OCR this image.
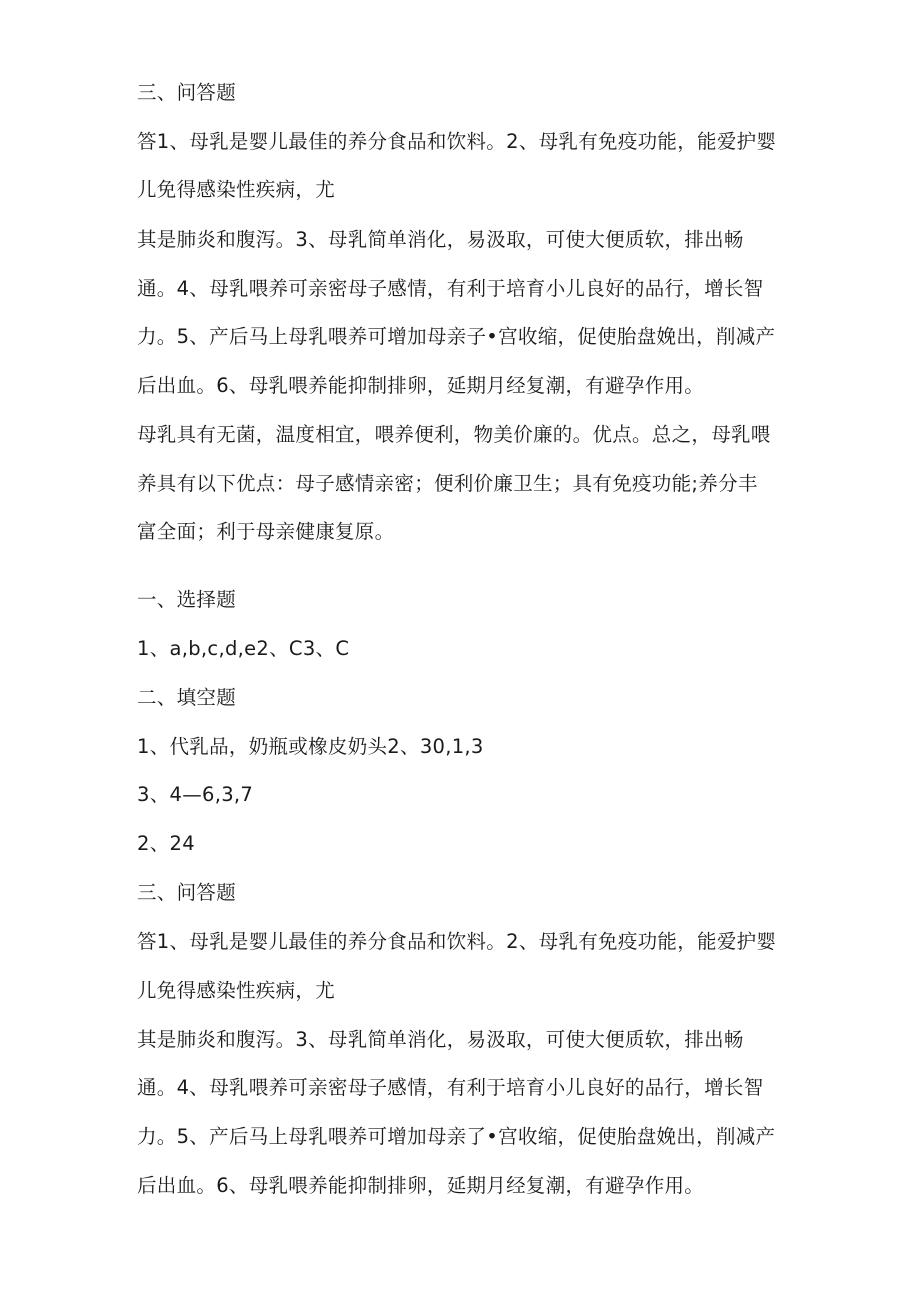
三、问答题
答1、母乳是婴儿最佳的养分食品和饮料。2、母乳有免疫功能，能爱护婴
儿免得感染性疾病，尤
其是肺炎和腹泻。3、母乳简单消化，易汲取，可使大便质软，排出畅
通。4、母乳喂养可亲密母子感情，有利于培育小儿良好的品行，增长智
力。5、产后马上母乳喂养可增加母亲子•宫收缩，促使胎盘娩出，削减产
后出血。6、母乳喂养能抑制排卵，延期月经复潮，有避孕作用。
母乳具有无菌，温度相宜，喂养便利，物美价廉的。优点。总之，母乳喂
养具有以下优点：母子感情亲密；便利价廉卫生；具有免疫功能;养分丰
富全面；利于母亲健康复原。
一、选择题
1、a,b,c,d,e2、C3、C
二、填空题
1、代乳品，奶瓶或橡皮奶头2、30,1,3
3、4—6,3,7
2、24
三、问答题
答1、母乳是婴儿最佳的养分食品和饮料。2、母乳有免疫功能，能爱护婴
儿免得感染性疾病，尤
其是肺炎和腹泻。3、母乳简单消化，易汲取，可使大便质软，排出畅
通。4、母乳喂养可亲密母子感情，有利于培育小儿良好的品行，增长智
力。5、产后马上母乳喂养可增加母亲了•宫收缩，促使胎盘娩出，削减产
后出血。6、母乳喂养能抑制排卵，延期月经复潮，有避孕作用。
